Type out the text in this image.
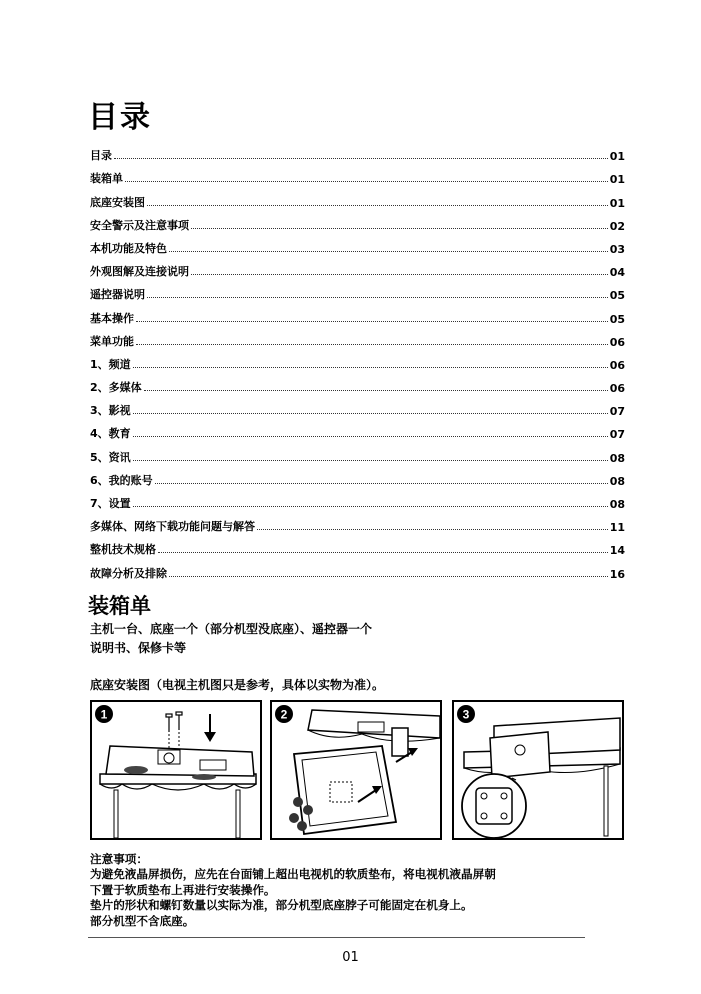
目录
目录	01
装箱单	01
底座安装图	01
安全警示及注意事项	02
本机功能及特色	03
外观图解及连接说明	04
遥控器说明	05
基本操作	05
菜单功能	06
1、频道	06
2、多媒体	06
3、影视	07
4、教育	07
5、资讯	08
6、我的账号	08
7、设置	08
多媒体、网络下载功能问题与解答	11
整机技术规格	14
故障分析及排除	16
装箱单
主机一台、底座一个（部分机型没底座）、遥控器一个
说明书、保修卡等
底座安装图（电视主机图只是参考，具体以实物为准）。
1	2	3
注意事项：
为避免液晶屏损伤，应先在台面铺上超出电视机的软质垫布，将电视机液晶屏朝
下置于软质垫布上再进行安装操作。
垫片的形状和螺钉数量以实际为准，部分机型底座脖子可能固定在机身上。
部分机型不含底座。
01
